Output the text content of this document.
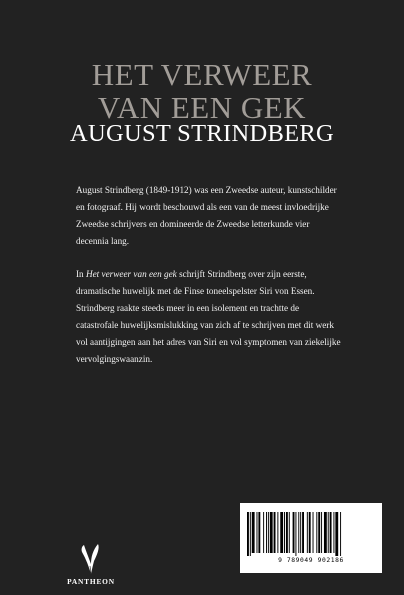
HET VERWEER
VAN EEN GEK
AUGUST STRINDBERG

August Strindberg (1849-1912) was een Zweedse auteur, kunstschilder en fotograaf. Hij wordt beschouwd als een van de meest invloedrijke Zweedse schrijvers en domineerde de Zweedse letterkunde vier decennia lang.

In Het verweer van een gek schrijft Strindberg over zijn eerste, dramatische huwelijk met de Finse toneelspelster Siri von Essen. Strindberg raakte steeds meer in een isolement en trachtte de catastrofale huwelijksmislukking van zich af te schrijven met dit werk vol aantijgingen aan het adres van Siri en vol symptomen van ziekelijke vervolgingswaanzin.

PANTHEON
9 789049 902186
